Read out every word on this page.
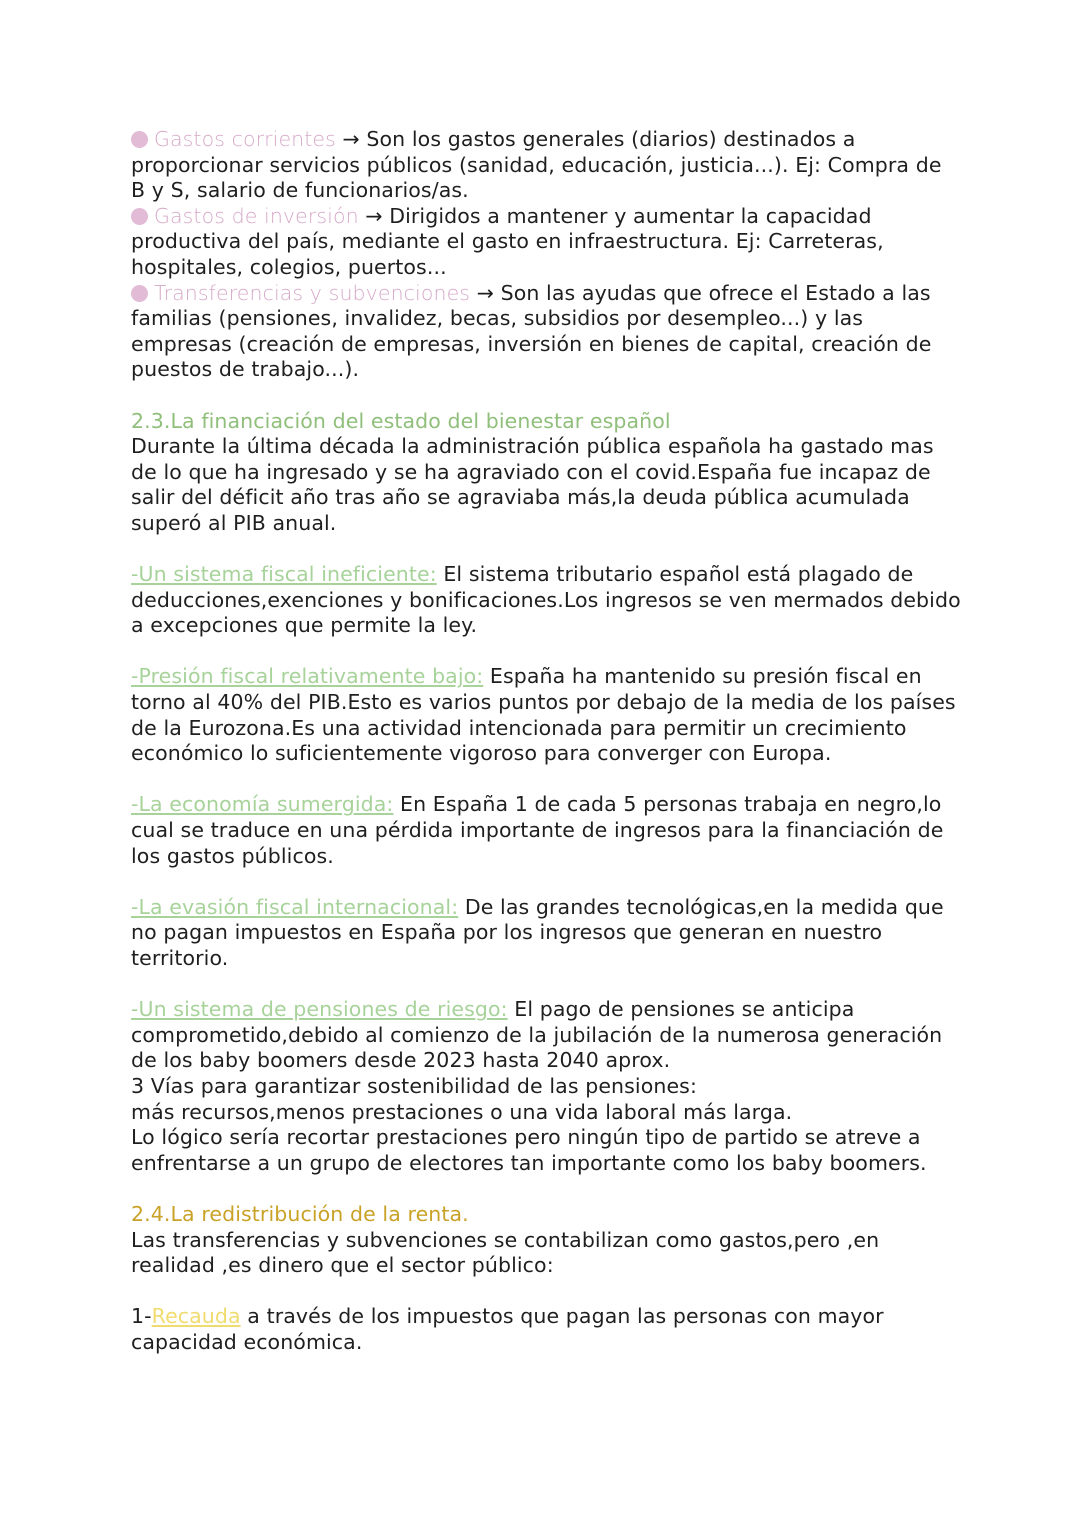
Gastos corrientes → Son los gastos generales (diarios) destinados a proporcionar servicios públicos (sanidad, educación, justicia...). Ej: Compra de B y S, salario de funcionarios/as.

Gastos de inversión → Dirigidos a mantener y aumentar la capacidad productiva del país, mediante el gasto en infraestructura. Ej: Carreteras, hospitales, colegios, puertos...

Transferencias y subvenciones → Son las ayudas que ofrece el Estado a las familias (pensiones, invalidez, becas, subsidios por desempleo...) y las empresas (creación de empresas, inversión en bienes de capital, creación de puestos de trabajo...).

2.3.La financiación del estado del bienestar español

Durante la última década la administración pública españolа ha gastado mas de lo que ha ingresado y se ha agraviado con el covid.España fue incapaz de salir del déficit año tras año se agraviaba más,la deuda pública acumulada superó al PIB anual.

-Un sistema fiscal ineficiente: El sistema tributario español está plagado de deducciones,exenciones y bonificaciones.Los ingresos se ven mermados debido a excepciones que permite la ley.

-Presión fiscal relativamente bajo: España ha mantenido su presión fiscal en torno al 40% del PIB.Esto es varios puntos por debajo de la media de los países de la Eurozona.Es una actividad intencionada para permitir un crecimiento económico lo suficientemente vigoroso para converger con Europa.

-La economía sumergida: En España 1 de cada 5 personas trabaja en negro,lo cual se traduce en una pérdida importante de ingresos para la financiación de los gastos públicos.

-La evasión fiscal internacional: De las grandes tecnológicas,en la medida que no pagan impuestos en España por los ingresos que generan en nuestro territorio.

-Un sistema de pensiones de riesgo: El pago de pensiones se anticipa comprometido,debido al comienzo de la jubilación de la numerosa generación de los baby boomers desde 2023 hasta 2040 aprox.

3 Vías para garantizar sostenibilidad de las pensiones:

más recursos,menos prestaciones o una vida laboral más larga.

Lo lógico sería recortar prestaciones pero ningún tipo de partido se atreve a enfrentarse a un grupo de electores tan importante como los baby boomers.

2.4.La redistribución de la renta.

Las transferencias y subvenciones se contabilizan como gastos,pero ,en realidad ,es dinero que el sector público:

1-Recauda a través de los impuestos que pagan las personas con mayor capacidad económica.
